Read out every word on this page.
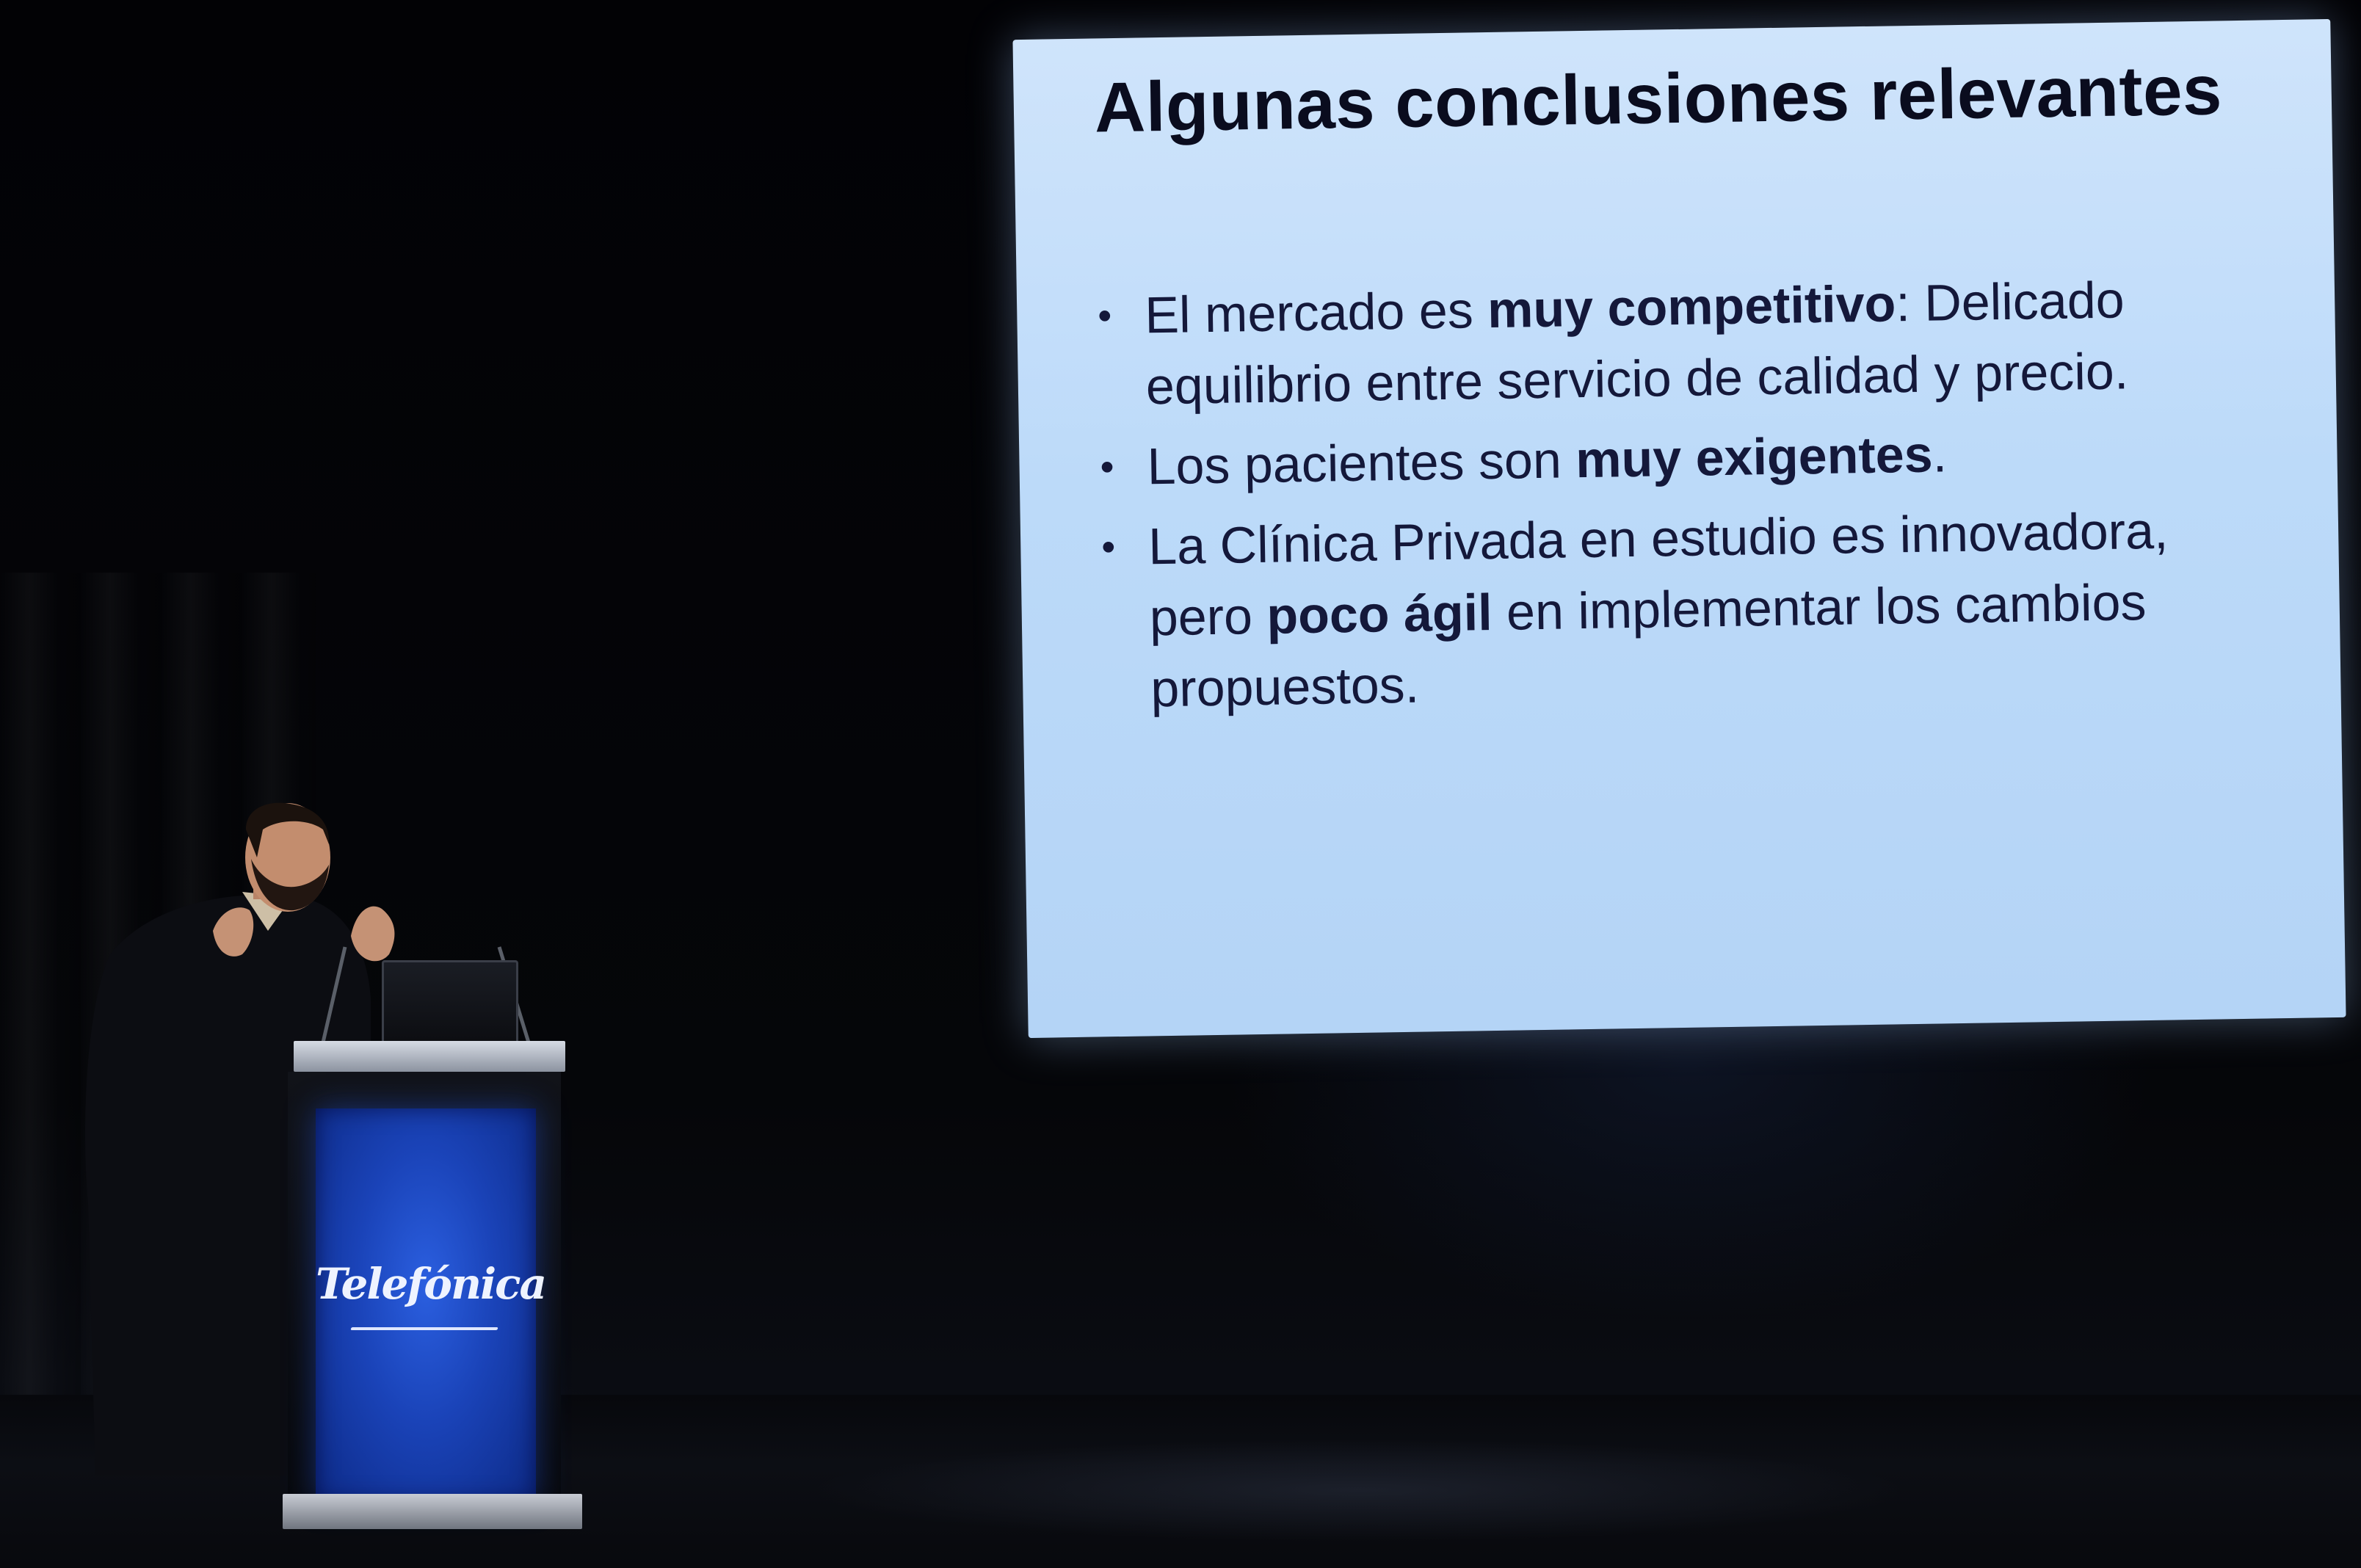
Algunas conclusiones relevantes
• El mercado es muy competitivo: Delicado equilibrio entre servicio de calidad y precio.
• Los pacientes son muy exigentes.
• La Clínica Privada en estudio es innovadora, pero poco ágil en implementar los cambios propuestos.
Telefónica
